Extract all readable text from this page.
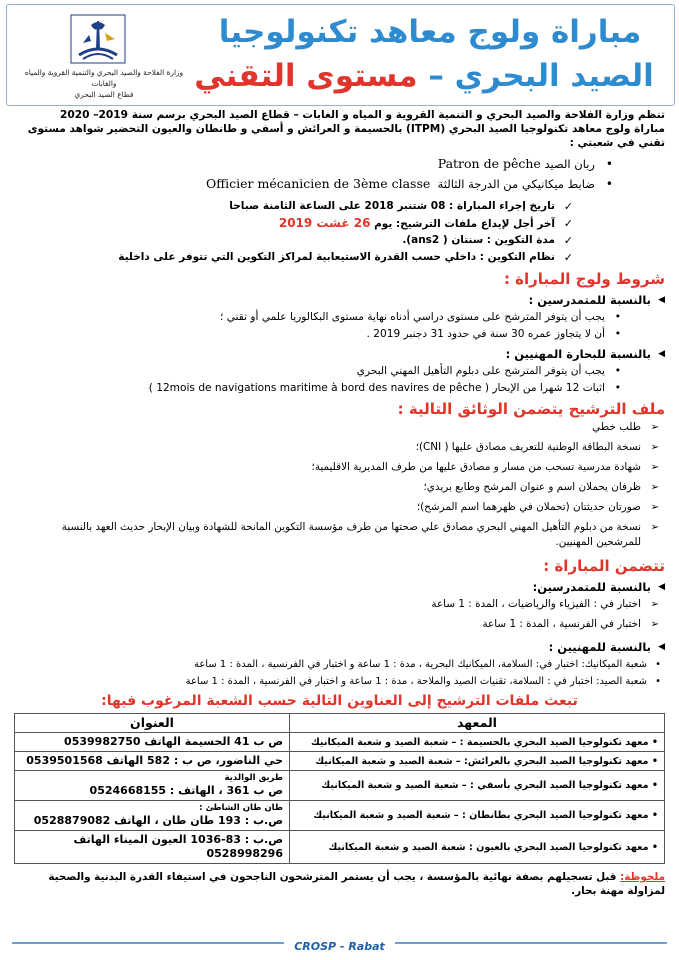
وزارة الفلاحة والصيد البحري والتنمية القروية والمياه والغابات
قطاع الصيد البحري
مباراة ولوج معاهد تكنولوجيا
الصيد البحري – مستوى التقني

تنظم وزارة الفلاحة والصيد البحري و التنمية القروية و المياه و الغابات – قطاع الصيد البحري برسم سنة 2019– 2020

مباراة ولوج معاهد تكنولوجيا الصيد البحري (ITPM) بالحسيمة و العرائش و أسفي و طانطان والعيون التحضير شواهد مستوى

تقني في شعبتي :

•
ربان الصيد Patron de pêche
•
ضابط ميكانيكي من الدرجة الثالثة  Officier mécanicien de 3ème classe
✓
تاريخ إجراء المباراة : 08 شتنبر 2018 على الساعة الثامنة صباحا
✓
آخر أجل لإيداع ملفات الترشيح: يوم 26 غشت 2019
✓
مدة التكوين : سنتان ( ans2).
✓
نظام التكوين : داخلي حسب القدرة الاستيعابية لمراكز التكوين التي تتوفر على داخلية
شروط ولوج المباراة :
◀
بالنسبة للمتمدرسين :
•
يجب أن يتوفر المترشح على مستوى دراسي أدناه نهاية مستوى البكالوريا علمي أو تقني ؛
•
أن لا يتجاوز عمره 30 سنة في حدود 31 دجنبر 2019 .
◀
بالنسبة للبحارة المهنيين :
•
يجب أن يتوفر المترشح على دبلوم التأهيل المهني البحري
•
اثبات 12 شهرا من الإبحار ( 12mois de navigations maritime à bord des navires de pêche )
ملف الترشيح يتضمن الوثائق التالية :
➢
طلب خطي
➢
نسخة البطاقة الوطنية للتعريف مصادق عليها ( CNI)؛
➢
شهادة مدرسية تسحب من مسار و مصادق عليها من طرف المديرية الاقليمية؛
➢
ظرفان يحملان اسم و عنوان المرشح وطابع بريدي؛
➢
صورتان حديثتان (تحملان في ظهرهما اسم المرشح)؛
➢
نسخة من دبلوم التأهيل المهني البحري مصادق علي صحتها من طرف مؤسسة التكوين المانحة للشهادة وبيان الإبحار حديث العهد بالنسبة للمرشحين المهنيين.
تتضمن المباراة :
◀
بالنسبة للمتمدرسين:
➢
اختبار في : الفيزياء والرياضيات ، المدة : 1 ساعة
➢
اختبار في الفرنسية ، المدة : 1 ساعة
◀
بالنسبة للمهنيين :
•
شعبة الميكانيك: اختبار في: السلامة، الميكانيك البحرية ، مدة : 1 ساعة و اختبار في الفرنسية ، المدة : 1 ساعة
•
شعبة الصيد: اختبار في : السلامة، تقنيات الصيد والملاحة ، مدة : 1 ساعة و اختبار في الفرنسية ، المدة : 1 ساعة
تبعث ملفات الترشيح إلى العناوين التالية حسب الشعبة المرغوب فيها:
المعهد	العنوان
• معهد تكنولوجيا الصيد البحري بالحسيمة : – شعبة الصيد و شعبة الميكانيك	ص ب 41 الحسيمة الهاتف 0539982750
• معهد تكنولوجيا الصيد البحري بالعرائش: – شعبة الصيد و شعبة الميكانيك	حي الناضور، ص ب : 582 الهاتف 0539501568
• معهد تكنولوجيا الصيد البحري بأسفي : – شعبة الصيد و شعبة الميكانيك	طريق الوالدية
ص ب 361 ، الهاتف : 0524668155
• معهد تكنولوجيا الصيد البحري بطانطان : – شعبة الصيد و شعبة الميكانيك	طان طان الشاطئ :
ص.ب : 193 طان طان ، الهاتف 0528879082
• معهد تكنولوجيا الصيد البحري بالعيون : شعبة الصيد و شعبة الميكانيك	ص.ب : 83-1036 العيون الميناء الهاتف 0528998296
ملحوظة: قبل تسجيلهم بصفة نهائية بالمؤسسة ، يجب أن يستمر المترشحون الناجحون في استيفاء القدرة البدنية والصحية لمزاولة مهنة بحار.
CROSP - Rabat
